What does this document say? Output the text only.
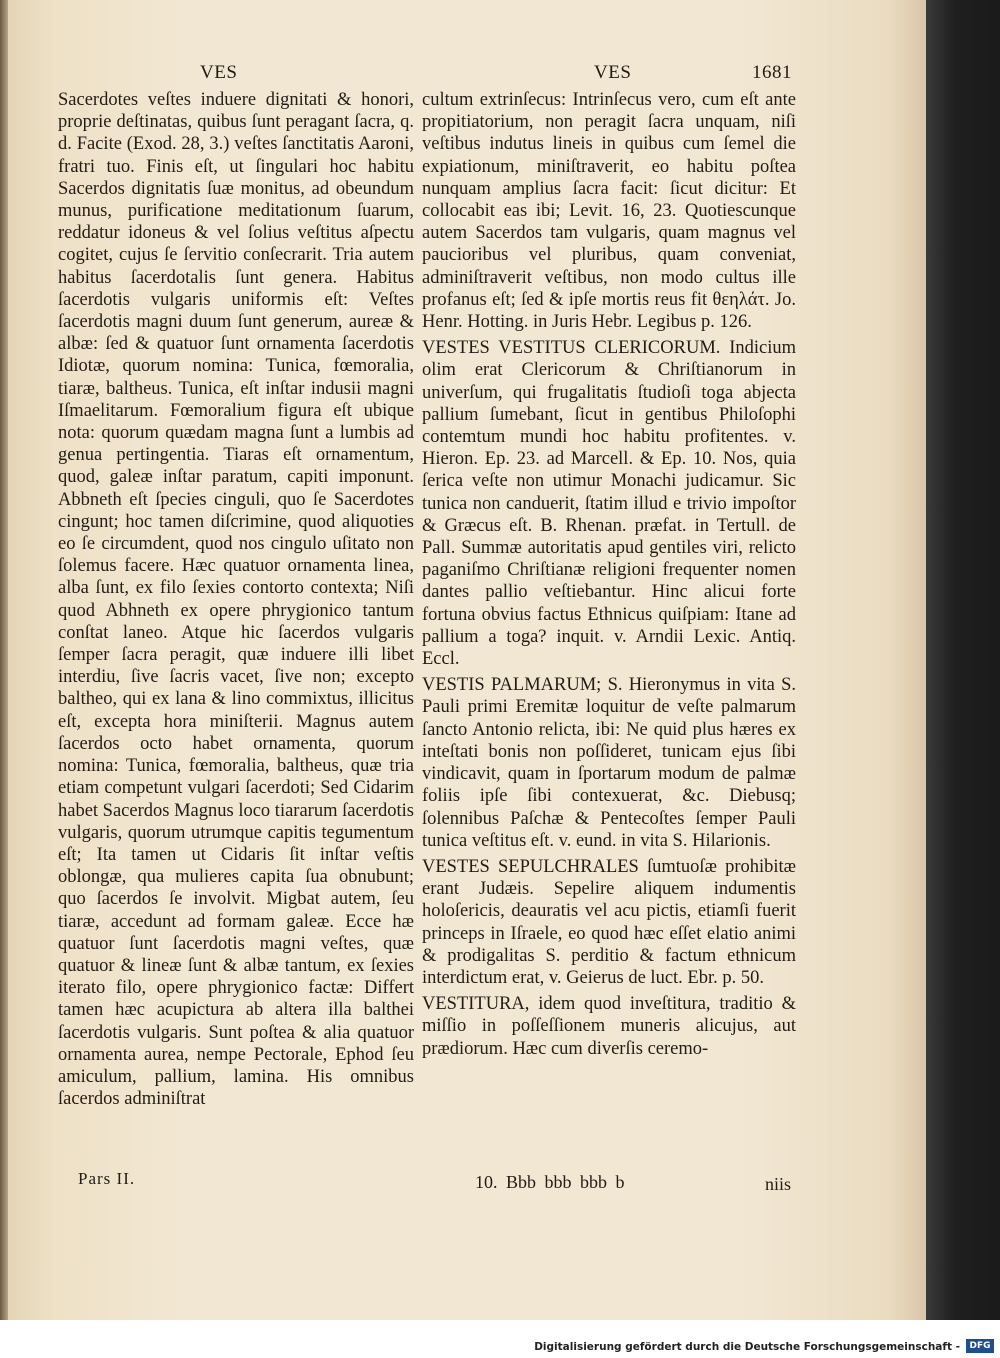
VES	VES	1681

Sacerdotes veſtes induere dignitati & honori, proprie deſtinatas, quibus ſunt peragant ſacra, q. d. Facite (Exod. 28, 3.) veſtes ſanctitatis Aaroni, fratri tuo. Finis eſt, ut ſingulari hoc habitu Sacerdos dignitatis ſuæ monitus, ad obeundum munus, purificatione meditationum ſuarum, reddatur idoneus & vel ſolius veſtitus aſpectu cogitet, cujus ſe ſervitio conſecrarit. Tria autem habitus ſacerdotalis ſunt genera. Habitus ſacerdotis vulgaris uniformis eſt: Veſtes ſacerdotis magni duum ſunt generum, aureæ & albæ: ſed & quatuor ſunt ornamenta ſacerdotis Idiotæ, quorum nomina: Tunica, fœmoralia, tiaræ, baltheus. Tunica, eſt inſtar indusii magni Iſmaelitarum. Fœmoralium figura eſt ubique nota: quorum quædam magna ſunt a lumbis ad genua pertingentia. Tiaras eſt ornamentum, quod, galeæ inſtar paratum, capiti imponunt. Abbneth eſt ſpecies cinguli, quo ſe Sacerdotes cingunt; hoc tamen diſcrimine, quod aliquoties eo ſe circumdent, quod nos cingulo uſitato non ſolemus facere. Hæc quatuor ornamenta linea, alba ſunt, ex filo ſexies contorto contexta; Niſi quod Abhneth ex opere phrygionico tantum conſtat laneo. Atque hic ſacerdos vulgaris ſemper ſacra peragit, quæ induere illi libet interdiu, ſive ſacris vacet, ſive non; excepto baltheo, qui ex lana & lino commixtus, illicitus eſt, excepta hora miniſterii. Magnus autem ſacerdos octo habet ornamenta, quorum nomina: Tunica, fœmoralia, baltheus, quæ tria etiam competunt vulgari ſacerdoti; Sed Cidarim habet Sacerdos Magnus loco tiararum ſacerdotis vulgaris, quorum utrumque capitis tegumentum eſt; Ita tamen ut Cidaris ſit inſtar veſtis oblongæ, qua mulieres capita ſua obnubunt; quo ſacerdos ſe involvit. Migbat autem, ſeu tiaræ, accedunt ad formam galeæ. Ecce hæ quatuor ſunt ſacerdotis magni veſtes, quæ quatuor & lineæ ſunt & albæ tantum, ex ſexies iterato filo, opere phrygionico factæ: Differt tamen hæc acupictura ab altera illa balthei ſacerdotis vulgaris. Sunt poſtea & alia quatuor ornamenta aurea, nempe Pectorale, Ephod ſeu amiculum, pallium, lamina. His omnibus ſacerdos adminiſtrat

cultum extrinſecus: Intrinſecus vero, cum eſt ante propitiatorium, non peragit ſacra unquam, niſi veſtibus indutus lineis in quibus cum ſemel die expiationum, miniſtraverit, eo habitu poſtea nunquam amplius ſacra facit: ſicut dicitur: Et collocabit eas ibi; Levit. 16, 23. Quotiescunque autem Sacerdos tam vulgaris, quam magnus vel paucioribus vel pluribus, quam conveniat, adminiſtraverit veſtibus, non modo cultus ille profanus eſt; ſed & ipſe mortis reus fit θεηλάτ. Jo. Henr. Hotting. in Juris Hebr. Legibus p. 126.

VESTES VESTITUS CLERICORUM. Indicium olim erat Clericorum & Chriſtianorum in univerſum, qui frugalitatis ſtudioſi toga abjecta pallium ſumebant, ſicut in gentibus Philoſophi contemtum mundi hoc habitu profitentes. v. Hieron. Ep. 23. ad Marcell. & Ep. 10. Nos, quia ſerica veſte non utimur Monachi judicamur. Sic tunica non canduerit, ſtatim illud e trivio impoſtor & Græcus eſt. B. Rhenan. præfat. in Tertull. de Pall. Summæ autoritatis apud gentiles viri, relicto paganiſmo Chriſtianæ religioni frequenter nomen dantes pallio veſtiebantur. Hinc alicui forte fortuna obvius factus Ethnicus quiſpiam: Itane ad pallium a toga? inquit. v. Arndii Lexic. Antiq. Eccl.

VESTIS PALMARUM; S. Hieronymus in vita S. Pauli primi Eremitæ loquitur de veſte palmarum ſancto Antonio relicta, ibi: Ne quid plus hæres ex inteſtati bonis non poſſideret, tunicam ejus ſibi vindicavit, quam in ſportarum modum de palmæ foliis ipſe ſibi contexuerat, &c. Diebusq; ſolennibus Paſchæ & Pentecoſtes ſemper Pauli tunica veſtitus eſt. v. eund. in vita S. Hilarionis.

VESTES SEPULCHRALES ſumtuoſæ prohibitæ erant Judæis. Sepelire aliquem indumentis holoſericis, deauratis vel acu pictis, etiamſi fuerit princeps in Iſraele, eo quod hæc eſſet elatio animi & prodigalitas S. perditio & factum ethnicum interdictum erat, v. Geierus de luct. Ebr. p. 50.

VESTITURA, idem quod inveſtitura, traditio & miſſio in poſſeſſionem muneris alicujus, aut prædiorum. Hæc cum diverſis ceremo-

Pars II.	10. Bbb bbb bbb b	niis
Digitalisierung gefördert durch die Deutsche Forschungsgemeinschaft -	DFG
